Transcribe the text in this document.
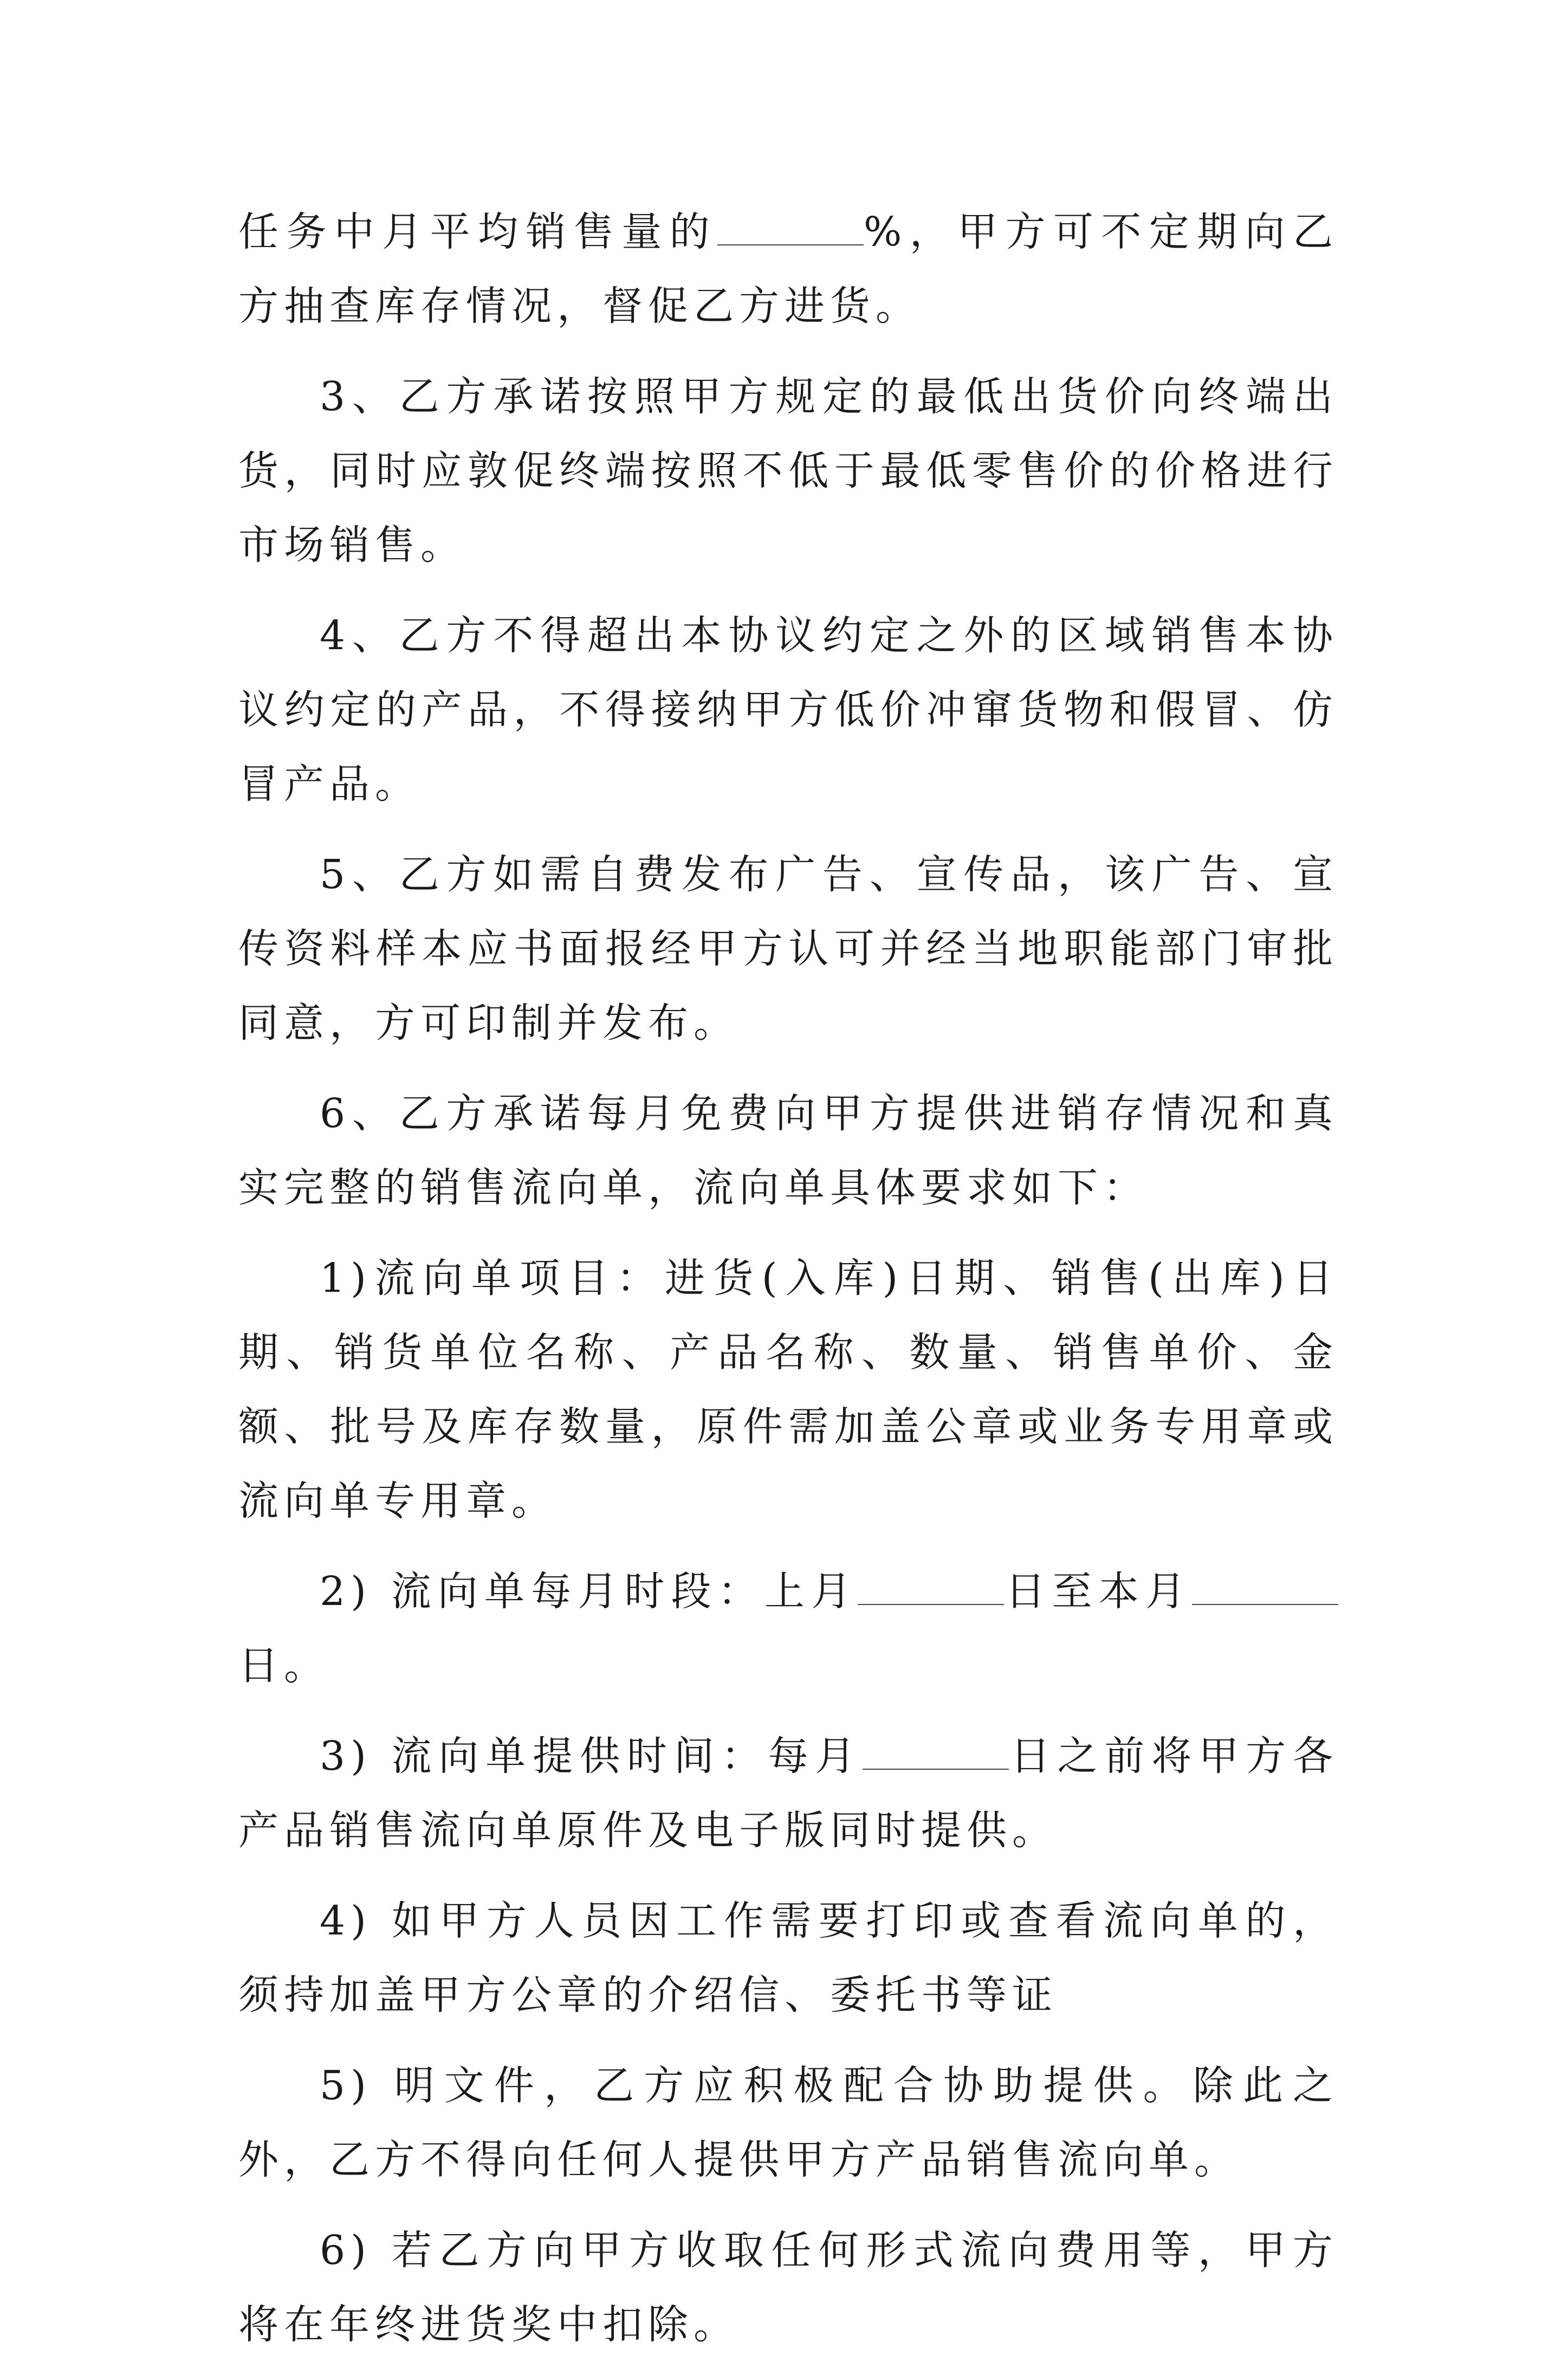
任务中月平均销售量的	%，甲方可不定期向乙方抽查库存情况，督促乙方进货。

3、乙方承诺按照甲方规定的最低出货价向终端出货，同时应敦促终端按照不低于最低零售价的价格进行市场销售。

4、乙方不得超出本协议约定之外的区域销售本协议约定的产品，不得接纳甲方低价冲窜货物和假冒、仿冒产品。

5、乙方如需自费发布广告、宣传品，该广告、宣传资料样本应书面报经甲方认可并经当地职能部门审批同意，方可印制并发布。

6、乙方承诺每月免费向甲方提供进销存情况和真实完整的销售流向单，流向单具体要求如下：

1)流向单项目：进货(入库)日期、销售(出库)日期、销货单位名称、产品名称、数量、销售单价、金额、批号及库存数量，原件需加盖公章或业务专用章或流向单专用章。

2) 流向单每月时段：上月	日至本月日。

3) 流向单提供时间：每月	日之前将甲方各产品销售流向单原件及电子版同时提供。

4) 如甲方人员因工作需要打印或查看流向单的，须持加盖甲方公章的介绍信、委托书等证

5) 明文件，乙方应积极配合协助提供。除此之外，乙方不得向任何人提供甲方产品销售流向单。

6) 若乙方向甲方收取任何形式流向费用等，甲方将在年终进货奖中扣除。
